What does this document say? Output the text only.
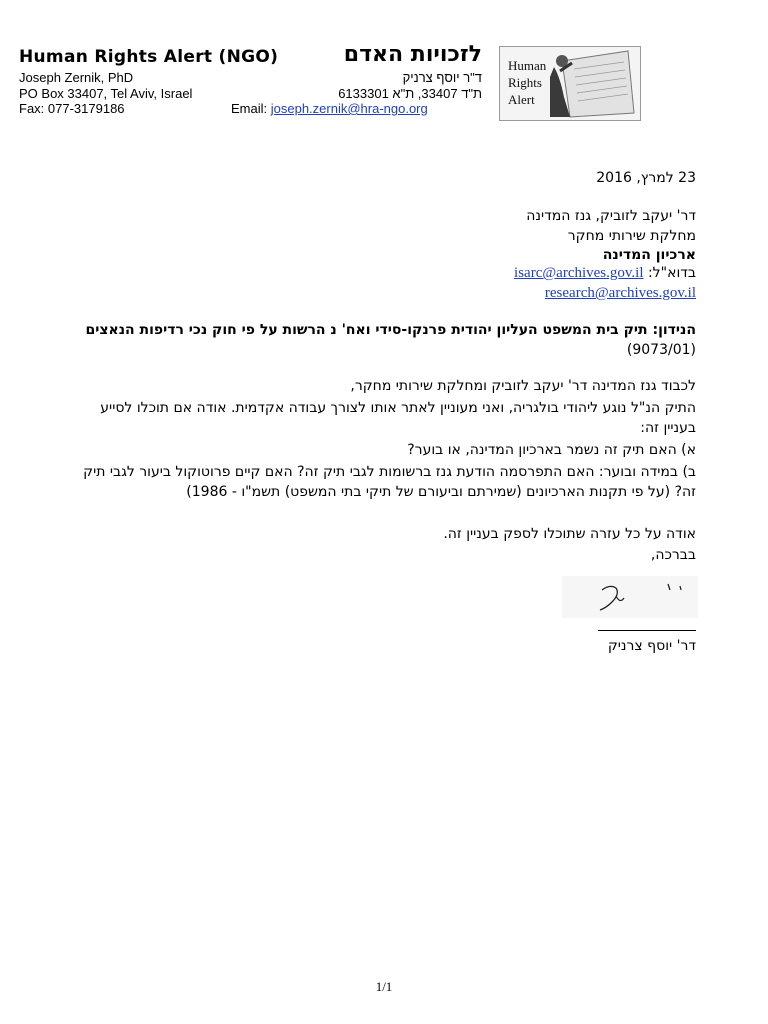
Human Rights Alert (NGO)	לזכויות האדם
Joseph Zernik, PhD	ד"ר יוסף צרניק
PO Box 33407, Tel Aviv, Israel	ת"ד 33407, ת"א 6133301
Fax: 077-3179186	Email: joseph.zernik@hra-ngo.org
Human
Rights
Alert
23 למרץ, 2016
דר' יעקב לזוביק, גנז המדינה
מחלקת שירותי מחקר
ארכיון המדינה
בדוא"ל: isarc@archives.gov.il
research@archives.gov.il
הנידון: תיק בית המשפט העליון יהודית פרנקו-סידי ואח' נ הרשות על פי חוק נכי רדיפות הנאצים (9073/01)
לכבוד גנז המדינה דר' יעקב לזוביק ומחלקת שירותי מחקר,
התיק הנ"ל נוגע ליהודי בולגריה, ואני מעוניין לאתר אותו לצורך עבודה אקדמית. אודה אם תוכלו לסייע בעניין זה:
א) האם תיק זה נשמר בארכיון המדינה, או בוער?
ב) במידה ובוער: האם התפרסמה הודעת גנז ברשומות לגבי תיק זה? האם קיים פרוטוקול ביעור לגבי תיק זה? (על פי תקנות הארכיונים (שמירתם וביעורם של תיקי בתי המשפט) תשמ"ו - 1986)
אודה על כל עזרה שתוכלו לספק בעניין זה.
בברכה,
דר' יוסף צרניק
1/1
